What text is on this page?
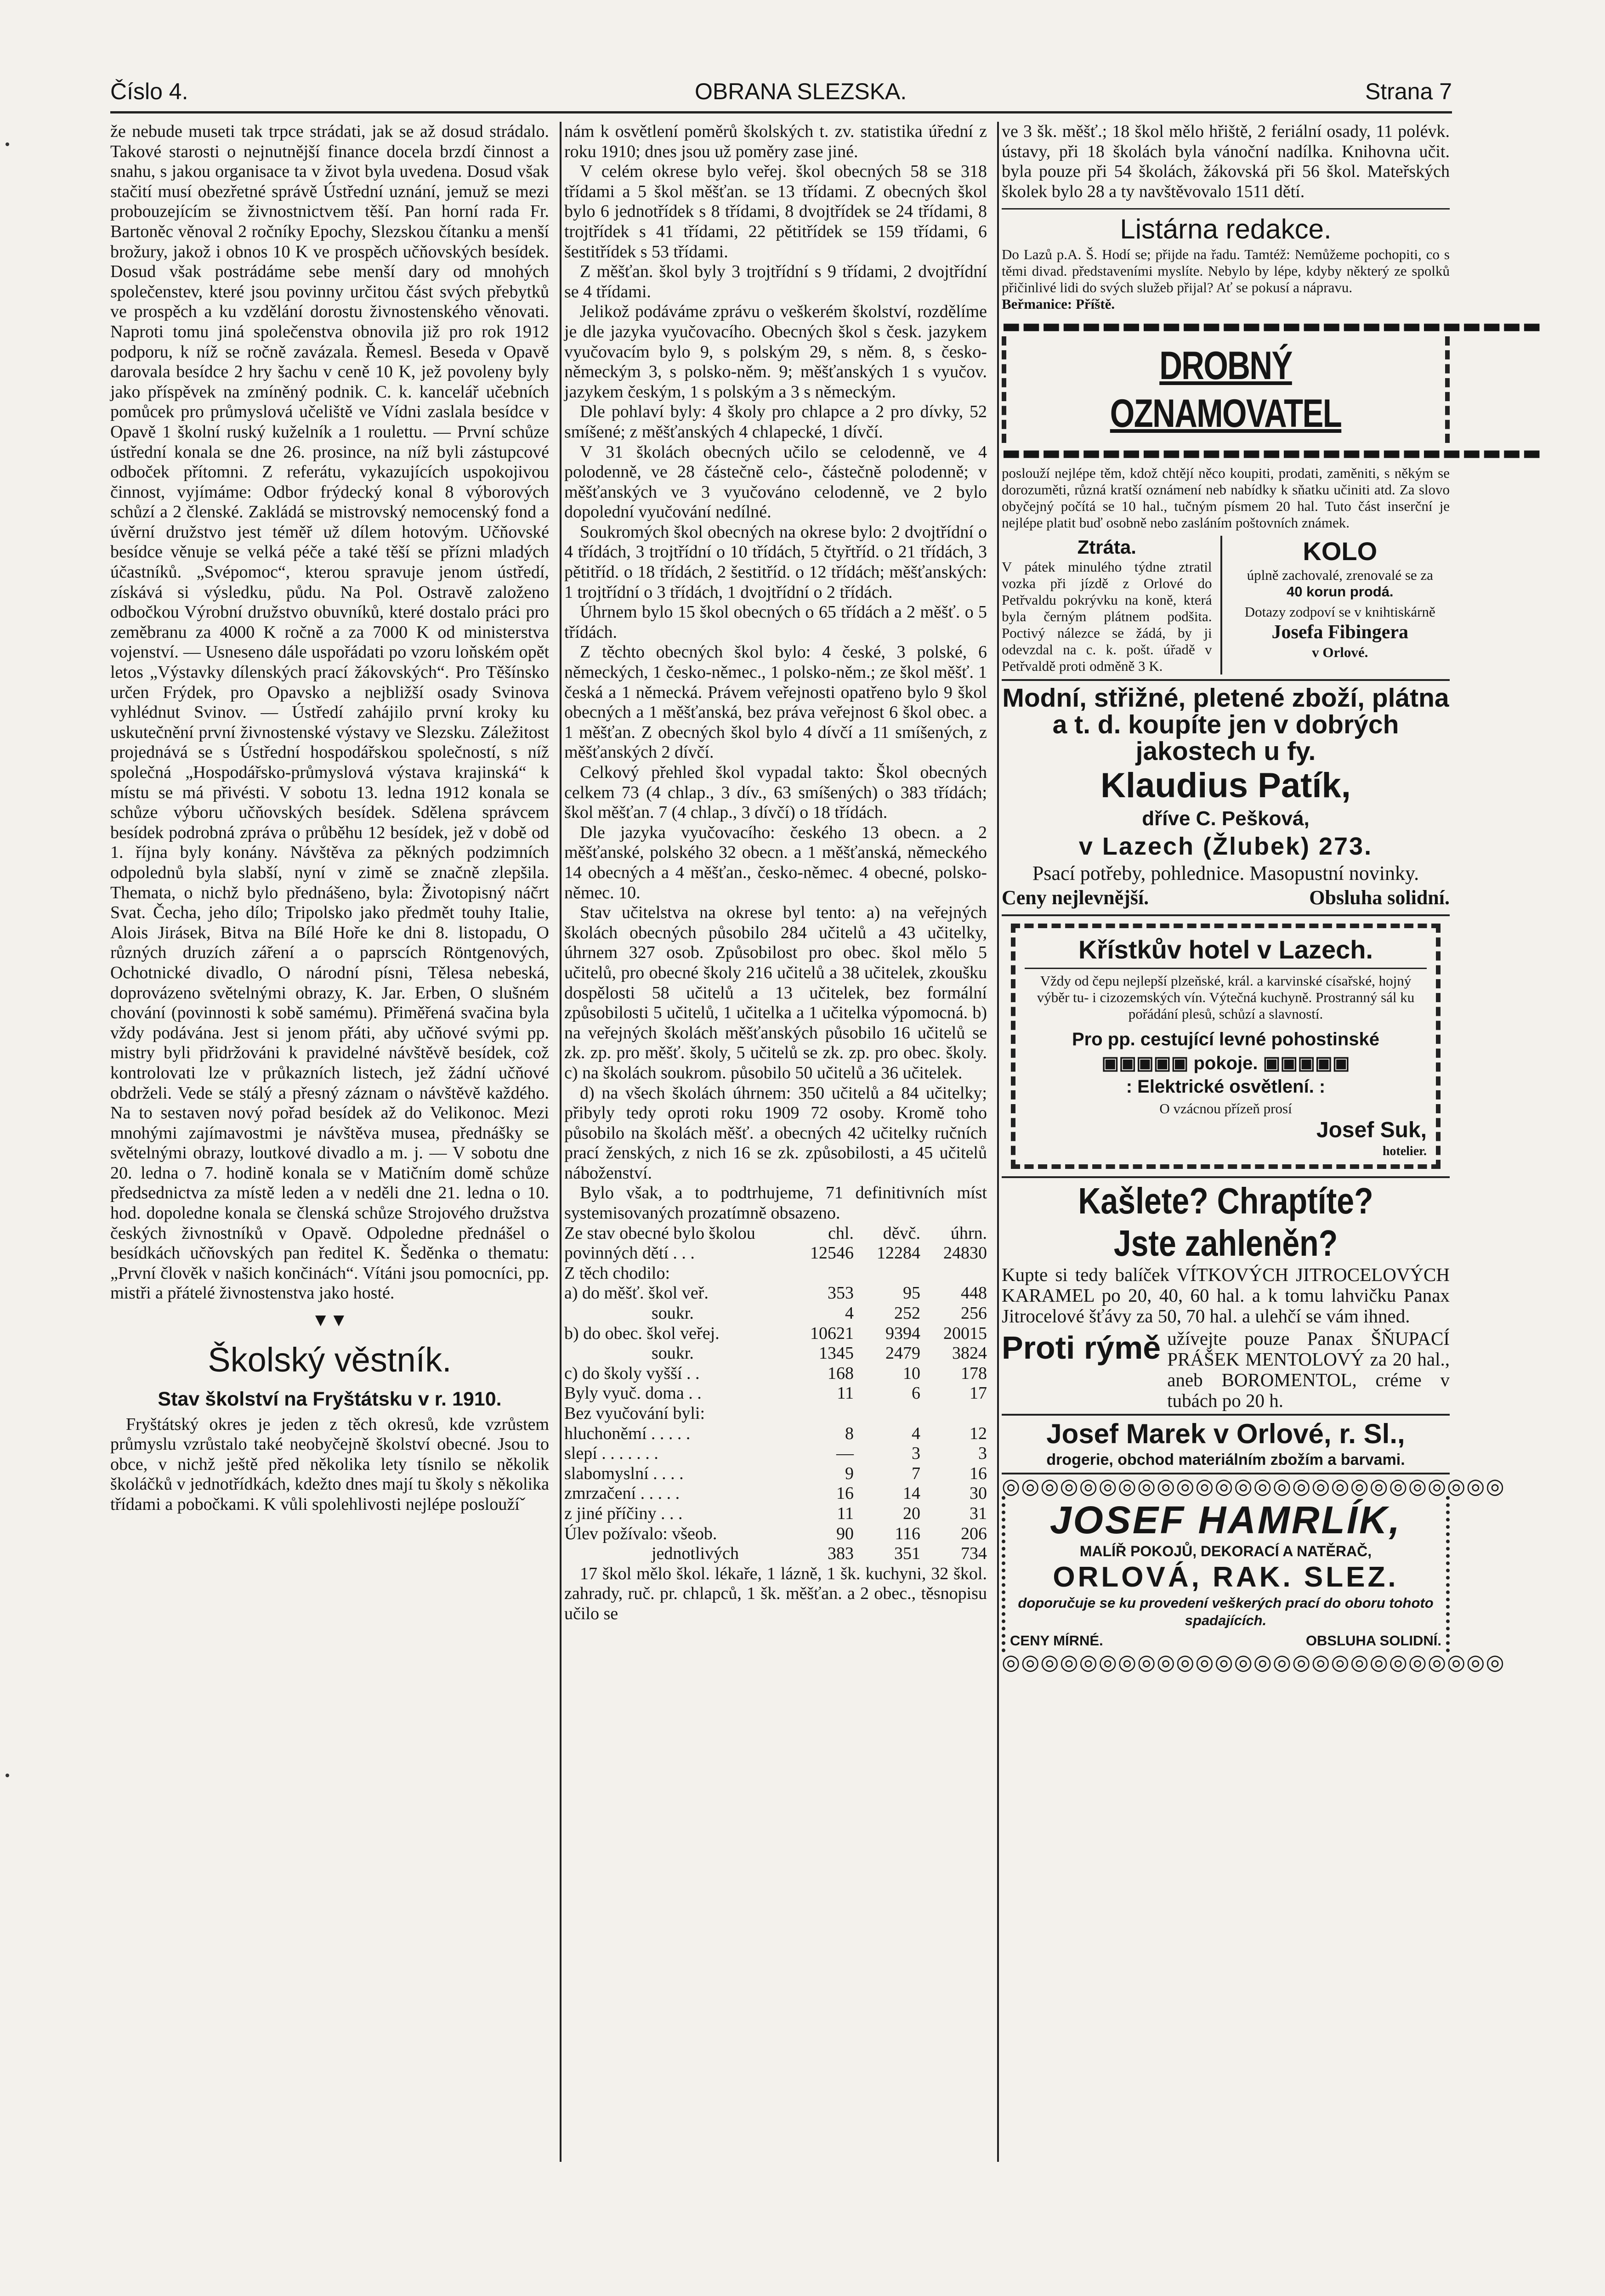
Číslo 4.	OBRANA SLEZSKA.	Strana 7

že nebude museti tak trpce strádati, jak se až dosud strádalo. Takové starosti o nejnutnější finance docela brzdí činnost a snahu, s jakou organisace ta v život byla uvedena. Dosud však stačití musí obezřetné správě Ústřední uznání, jemuž se mezi probouzejícím se živnostnictvem těší. Pan horní rada Fr. Bartoněc věnoval 2 ročníky Epochy, Slezskou čítanku a menší brožury, jakož i obnos 10 K ve prospěch učňovských besídek. Dosud však postrádáme sebe menší dary od mnohých společenstev, které jsou povinny určitou část svých přebytků ve prospěch a ku vzdělání dorostu živnostenského věnovati. Naproti tomu jiná společenstva obnovila již pro rok 1912 podporu, k níž se ročně zavázala. Řemesl. Beseda v Opavě darovala besídce 2 hry šachu v ceně 10 K, jež povoleny byly jako příspěvek na zmíněný podnik. C. k. kancelář učebních pomůcek pro průmyslová učeliště ve Vídni zaslala besídce v Opavě 1 školní ruský kuželník a 1 roulettu. — První schůze ústřední konala se dne 26. prosince, na níž byli zástupcové odboček přítomni. Z referátu, vykazujících uspokojivou činnost, vyjímáme: Odbor frýdecký konal 8 výborových schůzí a 2 členské. Zakládá se mistrovský nemocenský fond a úvěrní družstvo jest téměř už dílem hotovým. Učňovské besídce věnuje se velká péče a také těší se přízni mladých účastníků. „Svépomoc“, kterou spravuje jenom ústředí, získává si výsledku, půdu. Na Pol. Ostravě založeno odbočkou Výrobní družstvo obuvníků, které dostalo práci pro zeměbranu za 4000 K ročně a za 7000 K od ministerstva vojenství. — Usneseno dále uspořádati po vzoru loňském opět letos „Výstavky dílenských prací žákovských“. Pro Těšínsko určen Frýdek, pro Opavsko a nejbližší osady Svinova vyhlédnut Svinov. — Ústředí zahájilo první kroky ku uskutečnění první živnostenské výstavy ve Slezsku. Záležitost projednává se s Ústřední hospodářskou společností, s níž společná „Hospodářsko-průmyslová výstava krajinská“ k místu se má přivésti. V sobotu 13. ledna 1912 konala se schůze výboru učňovských besídek. Sdělena správcem besídek podrobná zpráva o průběhu 12 besídek, jež v době od 1. října byly konány. Návštěva za pěkných podzimních odpolednů byla slabší, nyní v zimě se značně zlepšila. Themata, o nichž bylo přednášeno, byla: Životopisný náčrt Svat. Čecha, jeho dílo; Tripolsko jako předmět touhy Italie, Alois Jirásek, Bitva na Bílé Hoře ke dni 8. listopadu, O různých druzích záření a o paprscích Röntgenových, Ochotnické divadlo, O národní písni, Tělesa nebeská, doprovázeno světelnými obrazy, K. Jar. Erben, O slušném chování (povinnosti k sobě samému). Přiměřená svačina byla vždy podávána. Jest si jenom přáti, aby učňové svými pp. mistry byli přidržováni k pravidelné návštěvě besídek, což kontrolovati lze v průkazních listech, jež žádní učňové obdrželi. Vede se stálý a přesný záznam o návštěvě každého. Na to sestaven nový pořad besídek až do Velikonoc. Mezi mnohými zajímavostmi je návštěva musea, přednášky se světelnými obrazy, loutkové divadlo a m. j. — V sobotu dne 20. ledna o 7. hodině konala se v Matičním domě schůze předsednictva za místě leden a v neděli dne 21. ledna o 10. hod. dopoledne konala se členská schůze Strojového družstva českých živnostníků v Opavě. Odpoledne přednášel o besídkách učňovských pan ředitel K. Šeděnka o thematu: „První člověk v našich končinách“. Vítáni jsou pomocníci, pp. mistři a přátelé živnostenstva jako hosté.

▼▼
Školský věstník.
Stav školství na Fryštátsku v r. 1910.

Fryštátský okres je jeden z těch okresů, kde vzrůstem průmyslu vzrůstalo také neobyčejně školství obecné. Jsou to obce, v nichž ještě před několika lety tísnilo se několik školáčků v jednotřídkách, kdežto dnes mají tu školy s několika třídami a pobočkami. K vůli spolehlivosti nejlépe posloužíˇ

nám k osvětlení poměrů školských t. zv. statistika úřední z roku 1910; dnes jsou už poměry zase jiné.

V celém okrese bylo veřej. škol obecných 58 se 318 třídami a 5 škol měšťan. se 13 třídami. Z obecných škol bylo 6 jednotřídek s 8 třídami, 8 dvojtřídek se 24 třídami, 8 trojtřídek s 41 třídami, 22 pětitřídek se 159 třídami, 6 šestitřídek s 53 třídami.

Z měšťan. škol byly 3 trojtřídní s 9 třídami, 2 dvojtřídní se 4 třídami.

Jelikož podáváme zprávu o veškerém školství, rozdělíme je dle jazyka vyučovacího. Obecných škol s česk. jazykem vyučovacím bylo 9, s polským 29, s něm. 8, s česko-německým 3, s polsko-něm. 9; měšťanských 1 s vyučov. jazykem českým, 1 s polským a 3 s německým.

Dle pohlaví byly: 4 školy pro chlapce a 2 pro dívky, 52 smíšené; z měšťanských 4 chlapecké, 1 dívčí.

V 31 školách obecných učilo se celodenně, ve 4 polodenně, ve 28 částečně celo-, částečně polodenně; v měšťanských ve 3 vyučováno celodenně, ve 2 bylo dopolední vyučování nedílné.

Soukromých škol obecných na okrese bylo: 2 dvojtřídní o 4 třídách, 3 trojtřídní o 10 třídách, 5 čtyřtříd. o 21 třídách, 3 pětitříd. o 18 třídách, 2 šestitříd. o 12 třídách; měšťanských: 1 trojtřídní o 3 třídách, 1 dvojtřídní o 2 třídách.

Úhrnem bylo 15 škol obecných o 65 třídách a 2 měšť. o 5 třídách.

Z těchto obecných škol bylo: 4 české, 3 polské, 6 německých, 1 česko-němec., 1 polsko-něm.; ze škol měšť. 1 česká a 1 německá. Právem veřejnosti opatřeno bylo 9 škol obecných a 1 měšťanská, bez práva veřejnost 6 škol obec. a 1 měšťan. Z obecných škol bylo 4 dívčí a 11 smíšených, z měšťanských 2 dívčí.

Celkový přehled škol vypadal takto: Škol obecných celkem 73 (4 chlap., 3 dív., 63 smíšených) o 383 třídách; škol měšťan. 7 (4 chlap., 3 dívčí) o 18 třídách.

Dle jazyka vyučovacího: českého 13 obecn. a 2 měšťanské, polského 32 obecn. a 1 měšťanská, německého 14 obecných a 4 měšťan., česko-němec. 4 obecné, polsko-němec. 10.

Stav učitelstva na okrese byl tento: a) na veřejných školách obecných působilo 284 učitelů a 43 učitelky, úhrnem 327 osob. Způsobilost pro obec. škol mělo 5 učitelů, pro obecné školy 216 učitelů a 38 učitelek, zkoušku dospělosti 58 učitelů a 13 učitelek, bez formální způsobilosti 5 učitelů, 1 učitelka a 1 učitelka výpomocná. b) na veřejných školách měšťanských působilo 16 učitelů se zk. zp. pro měšť. školy, 5 učitelů se zk. zp. pro obec. školy. c) na školách soukrom. působilo 50 učitelů a 36 učitelek.

d) na všech školách úhrnem: 350 učitelů a 84 učitelky; přibyly tedy oproti roku 1909 72 osoby. Kromě toho působilo na školách měšť. a obecných 42 učitelky ručních prací ženských, z nich 16 se zk. způsobilosti, a 45 učitelů náboženství.

Bylo však, a to podtrhujeme, 71 definitivních míst systemisovaných prozatímně obsazeno.

Ze stav obecné bylo školou	chl.	děvč.	úhrn.
povinných dětí . . .	12546	12284	24830
Z těch chodilo:			
a) do měšť. škol veř.	353	95	448
soukr.	4	252	256
b) do obec. škol veřej.	10621	9394	20015
soukr.	1345	2479	3824
c) do školy vyšší . .	168	10	178
Byly vyuč. doma . .	11	6	17
Bez vyučování byli:			
hluchoněmí . . . . .	8	4	12
slepí . . . . . . .	—	3	3
slabomyslní . . . .	9	7	16
zmrzačení . . . . .	16	14	30
z jiné příčiny . . .	11	20	31
Úlev požívalo: všeob.	90	116	206
jednotlivých	383	351	734

17 škol mělo škol. lékaře, 1 lázně, 1 šk. kuchyni, 32 škol. zahrady, ruč. pr. chlapců, 1 šk. měšťan. a 2 obec., těsnopisu učilo se

ve 3 šk. měšť.; 18 škol mělo hřiště, 2 feriální osady, 11 polévk. ústavy, při 18 školách byla vánoční nadílka. Knihovna učit. byla pouze při 54 školách, žákovská při 56 škol. Mateřských školek bylo 28 a ty navštěvovalo 1511 dětí.

Listárna redakce.
Do Lazů p.A. Š. Hodí se; přijde na řadu. Tamtéž: Nemůžeme pochopiti, co s těmi divad. představeními myslíte. Nebylo by lépe, kdyby některý ze spolků přičinlivé lidi do svých služeb přijal? Ať se pokusí a nápravu.
Beřmanice: Příště.
▬▬▬▬▬▬▬▬▬▬▬▬▬▬▬▬▬▬▬▬▬▬▬▬▬▬▬
DROBNÝ OZNAMOVATEL
▬▬▬▬▬▬▬▬▬▬▬▬▬▬▬▬▬▬▬▬▬▬▬▬▬▬▬
poslouží nejlépe těm, kdož chtějí něco koupiti, prodati, zaměniti, s někým se dorozuměti, různá kratší oznámení neb nabídky k sňatku učiniti atd. Za slovo obyčejný počítá se 10 hal., tučným písmem 20 hal. Tuto část inserční je nejlépe platit buď osobně nebo zasláním poštovních známek.
Ztráta.
V pátek minulého týdne ztratil vozka při jízdě z Orlové do Petřvaldu pokrývku na koně, která byla černým plátnem podšita. Poctivý nálezce se žádá, by ji odevzdal na c. k. pošt. úřadě v Petřvaldě proti odměně 3 K.
KOLO
úplně zachovalé, zrenovalé se za
40 korun prodá.
Dotazy zodpoví se v knihtiskárně
Josefa Fibingera
v Orlové.
Modní, střižné, pletené zboží, plátna a t. d. koupíte jen v dobrých jakostech u fy.
Klaudius Patík,
dříve C. Pešková,
v Lazech (Žlubek) 273.
Psací potřeby, pohlednice. Masopustní novinky.
Ceny nejlevnější.	Obsluha solidní.
Křístkův hotel v Lazech.
Vždy od čepu nejlepší plzeňské, král. a karvinské císařské, hojný výběr tu- i cizozemských vín. Výtečná kuchyně. Prostranný sál ku pořádání plesů, schůzí a slavností.
Pro pp. cestující levné pohostinské
▣▣▣▣▣ pokoje. ▣▣▣▣▣
: Elektrické osvětlení. :
O vzácnou přízeň prosí
Josef Suk,
hotelier.
Kašlete? Chraptíte?
Jste zahleněn?
Kupte si tedy balíček VÍTKOVÝCH JITROCELOVÝCH KARAMEL po 20, 40, 60 hal. a k tomu lahvičku Panax Jitrocelové šťávy za 50, 70 hal. a ulehčí se vám ihned.
Proti rýmě užívejte pouze Panax ŠŇUPACÍ PRÁŠEK MENTOLOVÝ za 20 hal., aneb BOROMENTOL, créme v tubách po 20 h.
Josef Marek v Orlové, r. Sl.,
drogerie, obchod materiálním zbožím a barvami.
◎◎◎◎◎◎◎◎◎◎◎◎◎◎◎◎◎◎◎◎◎◎◎◎◎◎
JOSEF HAMRLÍK,
MALÍŘ POKOJŮ, DEKORACÍ A NATĚRAČ,
ORLOVÁ, RAK. SLEZ.
doporučuje se ku provedení veškerých prací do oboru tohoto spadajících.
CENY MÍRNÉ.	OBSLUHA SOLIDNÍ.
◎◎◎◎◎◎◎◎◎◎◎◎◎◎◎◎◎◎◎◎◎◎◎◎◎◎
